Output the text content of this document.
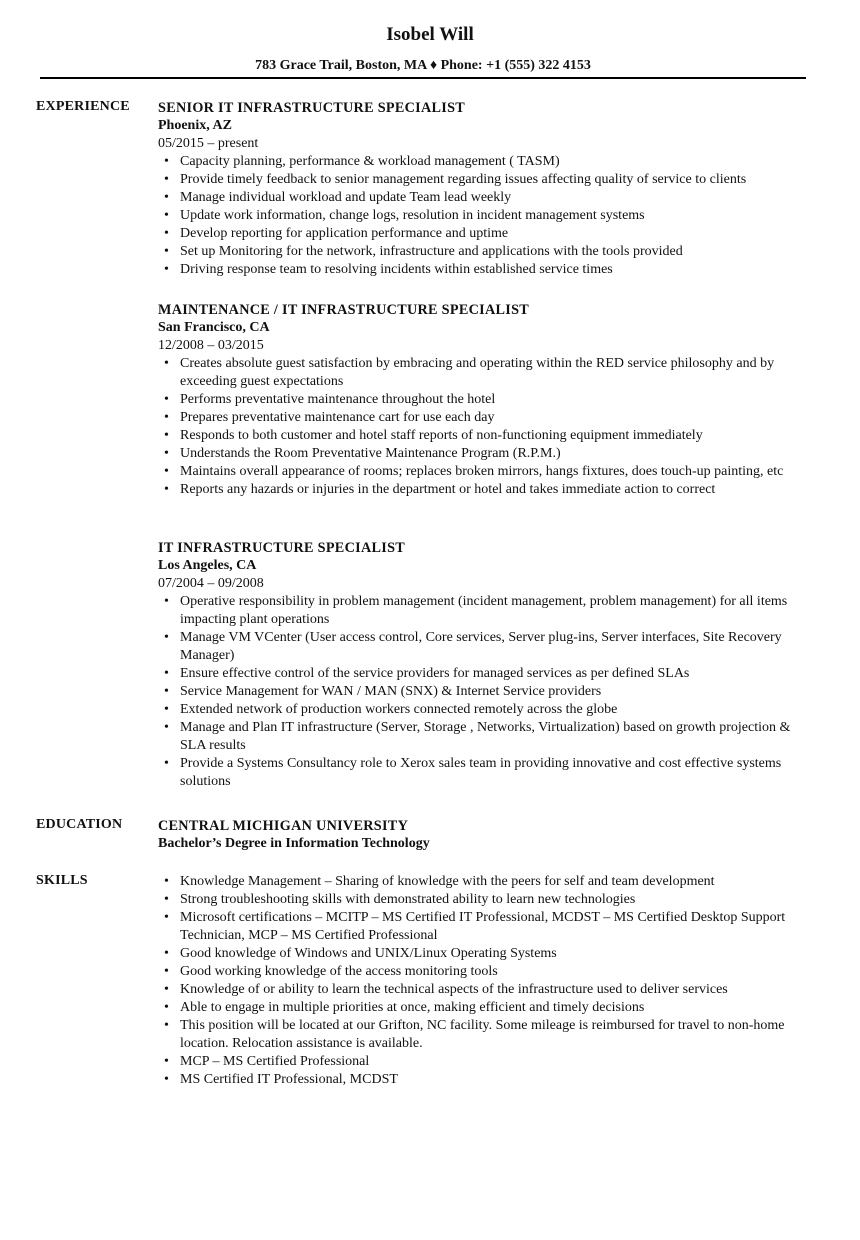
Isobel Will
783 Grace Trail, Boston, MA ♦ Phone: +1 (555) 322 4153
EXPERIENCE SENIOR IT INFRASTRUCTURE SPECIALIST
Phoenix, AZ
05/2015 – present
• Capacity planning, performance & workload management ( TASM)
• Provide timely feedback to senior management regarding issues affecting quality of service to clients
• Manage individual workload and update Team lead weekly
• Update work information, change logs, resolution in incident management systems
• Develop reporting for application performance and uptime
• Set up Monitoring for the network, infrastructure and applications with the tools provided
• Driving response team to resolving incidents within established service times
MAINTENANCE / IT INFRASTRUCTURE SPECIALIST
San Francisco, CA
12/2008 – 03/2015
• Creates absolute guest satisfaction by embracing and operating within the RED service philosophy and by exceeding guest expectations
• Performs preventative maintenance throughout the hotel
• Prepares preventative maintenance cart for use each day
• Responds to both customer and hotel staff reports of non-functioning equipment immediately
• Understands the Room Preventative Maintenance Program (R.P.M.)
• Maintains overall appearance of rooms; replaces broken mirrors, hangs fixtures, does touch-up painting, etc
• Reports any hazards or injuries in the department or hotel and takes immediate action to correct
IT INFRASTRUCTURE SPECIALIST
Los Angeles, CA
07/2004 – 09/2008
• Operative responsibility in problem management (incident management, problem management) for all items impacting plant operations
• Manage VM VCenter (User access control, Core services, Server plug-ins, Server interfaces, Site Recovery Manager)
• Ensure effective control of the service providers for managed services as per defined SLAs
• Service Management for WAN / MAN (SNX) & Internet Service providers
• Extended network of production workers connected remotely across the globe
• Manage and Plan IT infrastructure (Server, Storage , Networks, Virtualization) based on growth projection & SLA results
• Provide a Systems Consultancy role to Xerox sales team in providing innovative and cost effective systems solutions
EDUCATION	CENTRAL MICHIGAN UNIVERSITY
Bachelor’s Degree in Information Technology
SKILLS	• Knowledge Management – Sharing of knowledge with the peers for self and team development
• Strong troubleshooting skills with demonstrated ability to learn new technologies
• Microsoft certifications – MCITP – MS Certified IT Professional, MCDST – MS Certified Desktop Support Technician, MCP – MS Certified Professional
• Good knowledge of Windows and UNIX/Linux Operating Systems
• Good working knowledge of the access monitoring tools
• Knowledge of or ability to learn the technical aspects of the infrastructure used to deliver services
• Able to engage in multiple priorities at once, making efficient and timely decisions
• This position will be located at our Grifton, NC facility. Some mileage is reimbursed for travel to non-home location. Relocation assistance is available.
• MCP – MS Certified Professional
• MS Certified IT Professional, MCDST
